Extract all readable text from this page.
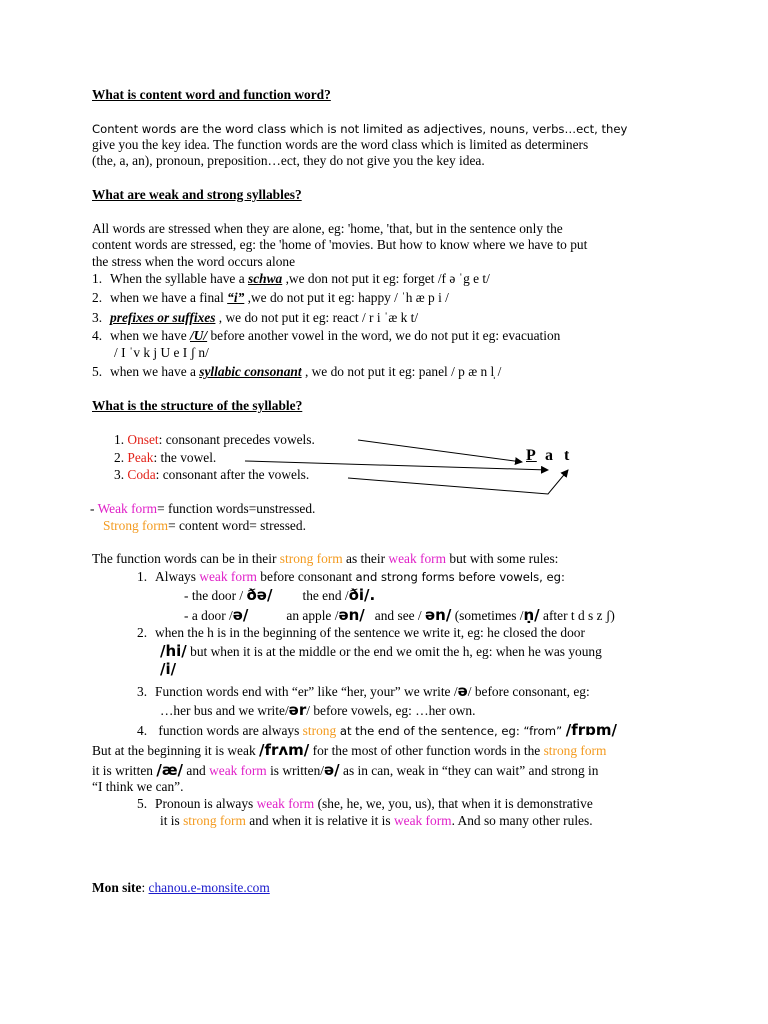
What is content word and function word?
Content words are the word class which is not limited as adjectives, nouns, verbs…ect, they
give you the key idea. The function words are the word class which is limited as determiners
(the, a, an), pronoun, preposition…ect, they do not give you the key idea.
What are weak and strong syllables?
All words are stressed when they are alone, eg: 'home, 'that, but in the sentence only the
content words are stressed, eg: the 'home of 'movies. But how to know where we have to put
the stress when the word occurs alone
1. When the syllable have a schwa ,we don not put it eg: forget /f ə ˈg e t/
2. when we have a final “i” ,we do not put it eg: happy / ˈh æ p i /
3. prefixes or suffixes , we do not put it eg: react / r i ˈæ k t/
4. when we have /U/ before another vowel in the word, we do not put it eg: evacuation
/ I ˈv k j U e I ʃ n/
5. when we have a syllabic consonant , we do not put it eg: panel / p æ n l̩ /
What is the structure of the syllable?
1. Onset: consonant precedes vowels.
2. Peak: the vowel.
3. Coda: consonant after the vowels.
P a t
- Weak form= function words=unstressed.
Strong form= content word= stressed.
The function words can be in their strong form as their weak form but with some rules:
1. Always weak form before consonant and strong forms before vowels, eg:
- the door / ðə/ the end /ði/.
- a door /ə/	an apple /ən/ and see / ən/ (sometimes /ṇ/ after t d s z ʃ)
2. when the h is in the beginning of the sentence we write it, eg: he closed the door
/hi/ but when it is at the middle or the end we omit the h, eg: when he was young
/i/
3. Function words end with “er” like “her, your” we write /ə/ before consonant, eg:
…her bus and we write/ər/ before vowels, eg: …her own.
4. function words are always strong at the end of the sentence, eg: “from” /frɒm/
But at the beginning it is weak /frʌm/ for the most of other function words in the strong form
it is written /æ/ and weak form is written/ə/ as in can, weak in “they can wait” and strong in
“I think we can”.
5. Pronoun is always weak form (she, he, we, you, us), that when it is demonstrative
it is strong form and when it is relative it is weak form. And so many other rules.
Mon site: chanou.e-monsite.com
